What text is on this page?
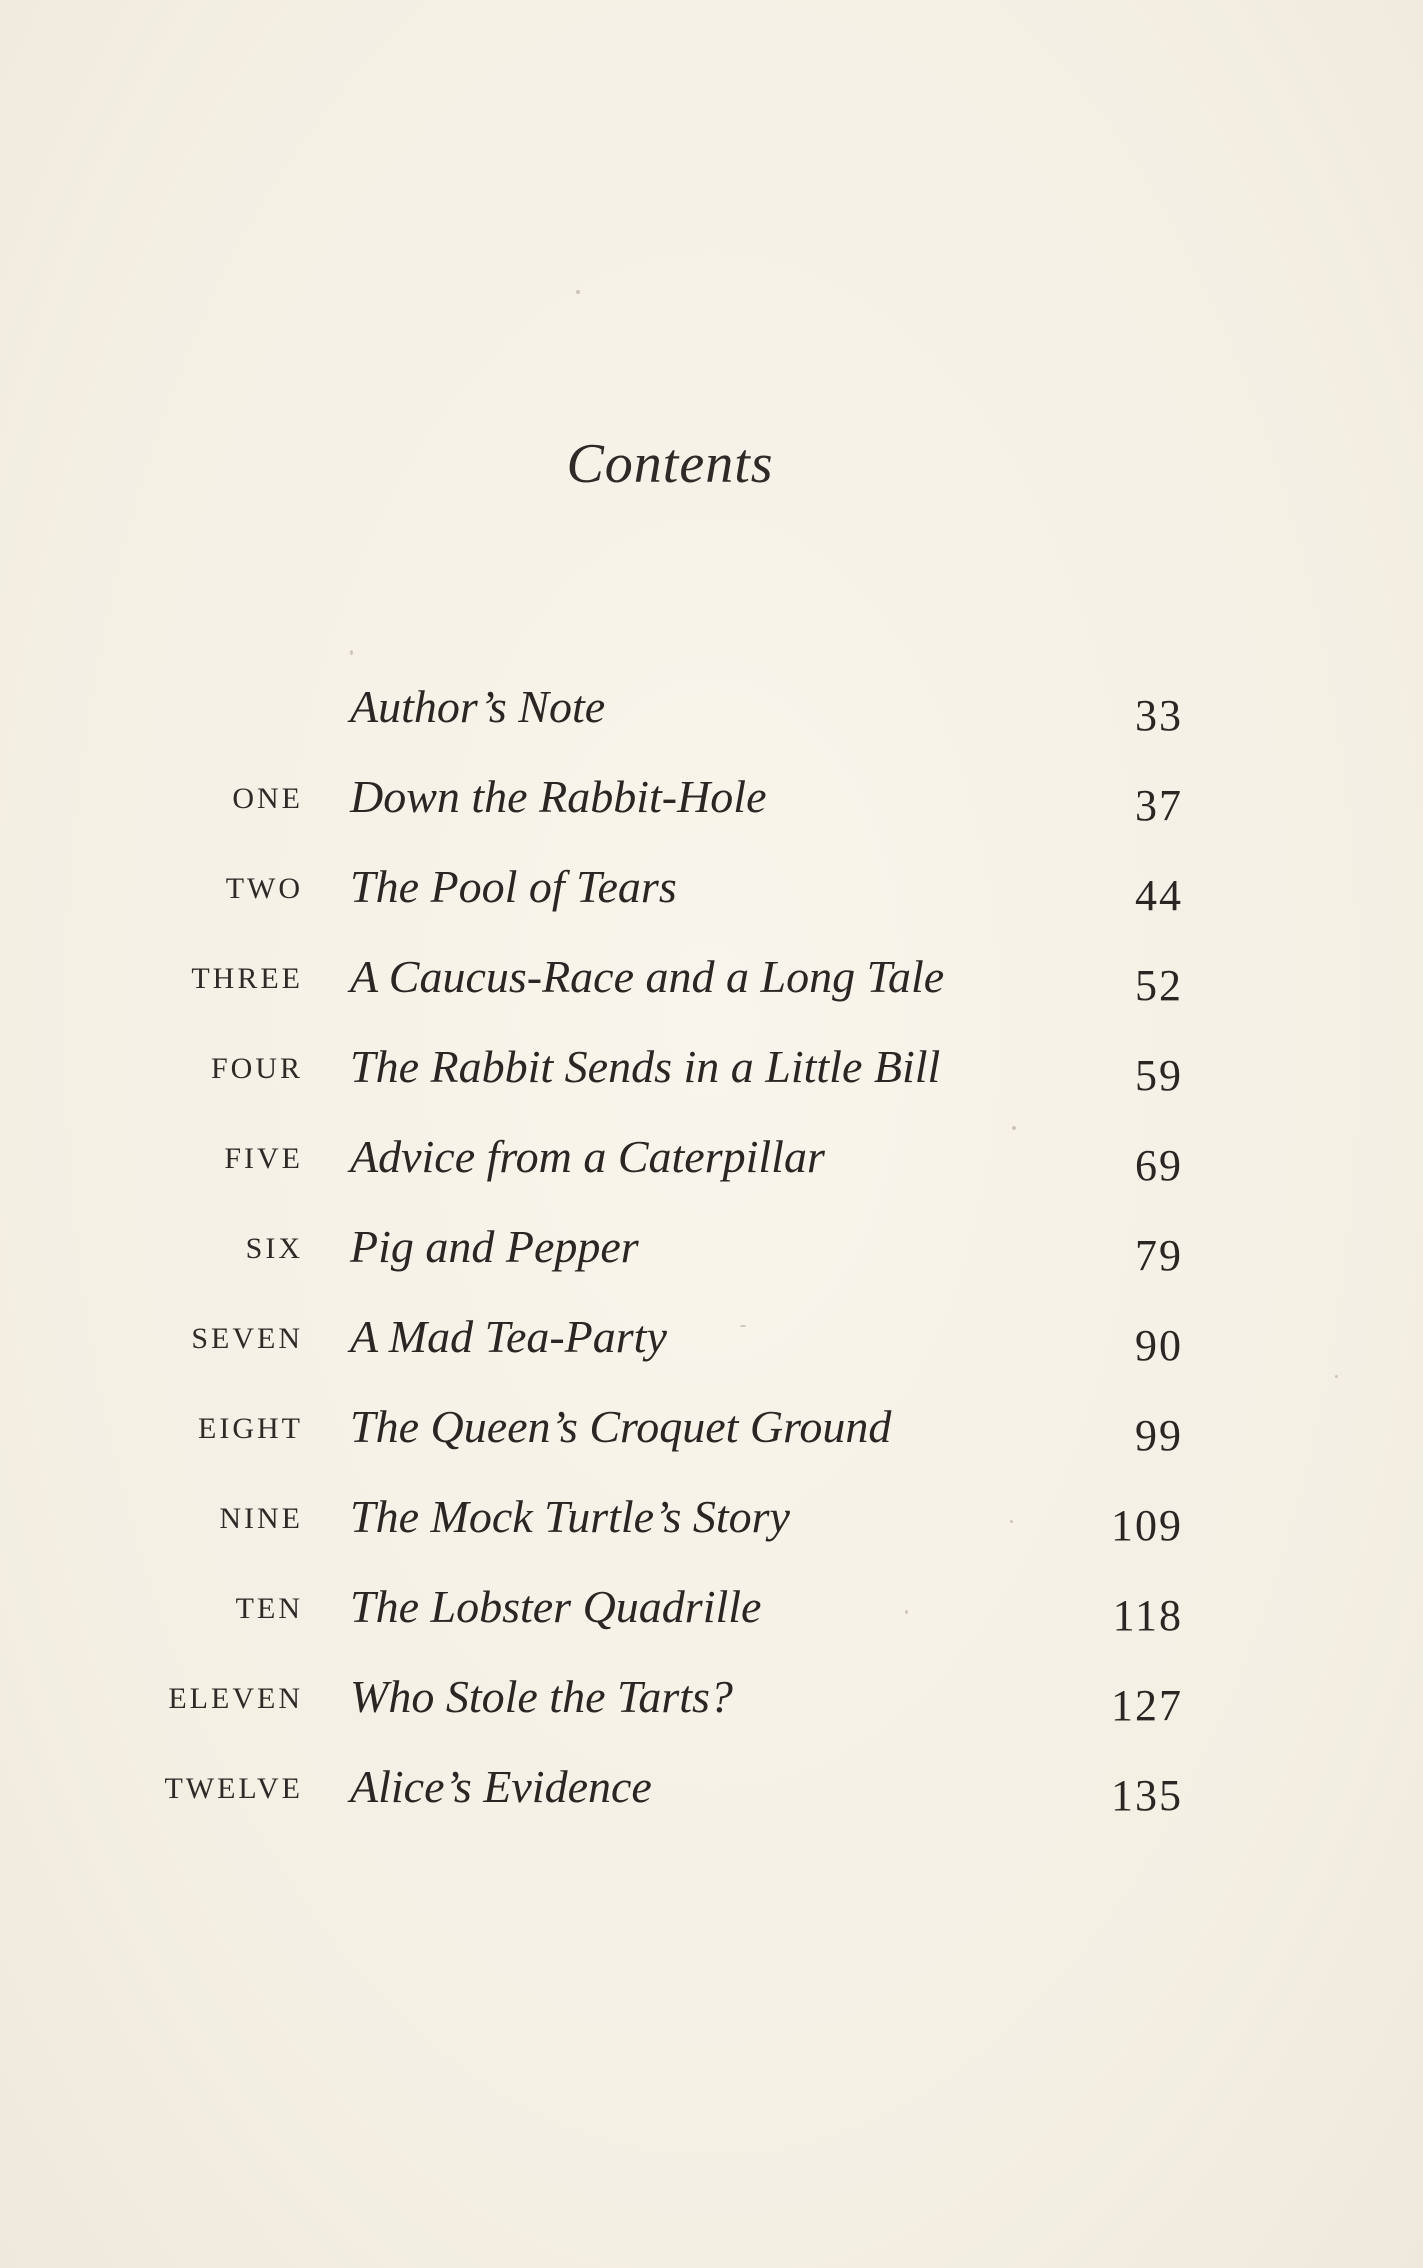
Contents
Author’s Note	33
ONE Down the Rabbit-Hole	37
TWO The Pool of Tears	44
THREE A Caucus-Race and a Long Tale	52
FOUR The Rabbit Sends in a Little Bill	59
FIVE Advice from a Caterpillar	69
SIX Pig and Pepper	79
SEVEN A Mad Tea-Party	90
EIGHT The Queen’s Croquet Ground	99
NINE The Mock Turtle’s Story	109
TEN The Lobster Quadrille	118
ELEVEN Who Stole the Tarts?	127
TWELVE Alice’s Evidence	135
